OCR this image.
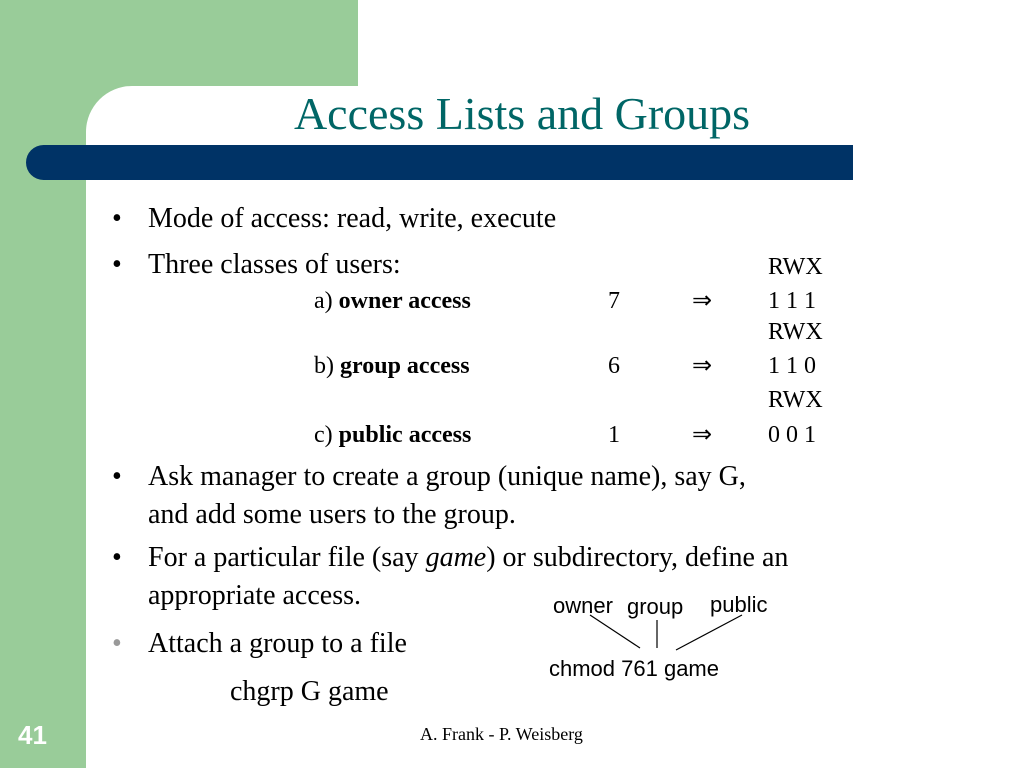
Access Lists and Groups
• Mode of access: read, write, execute
• Three classes of users:	RWX
a) owner access	7	⇒ 1 1 1
RWX
b) group access	6	⇒ 1 1 0
RWX
c) public access	1	⇒ 0 0 1
• Ask manager to create a group (unique name), say G,
and add some users to the group.
• For a particular file (say game) or subdirectory, define an
appropriate access.
• Attach a group to a file
chgrp G game
owner group public
chmod 761 game
41	A. Frank - P. Weisberg
